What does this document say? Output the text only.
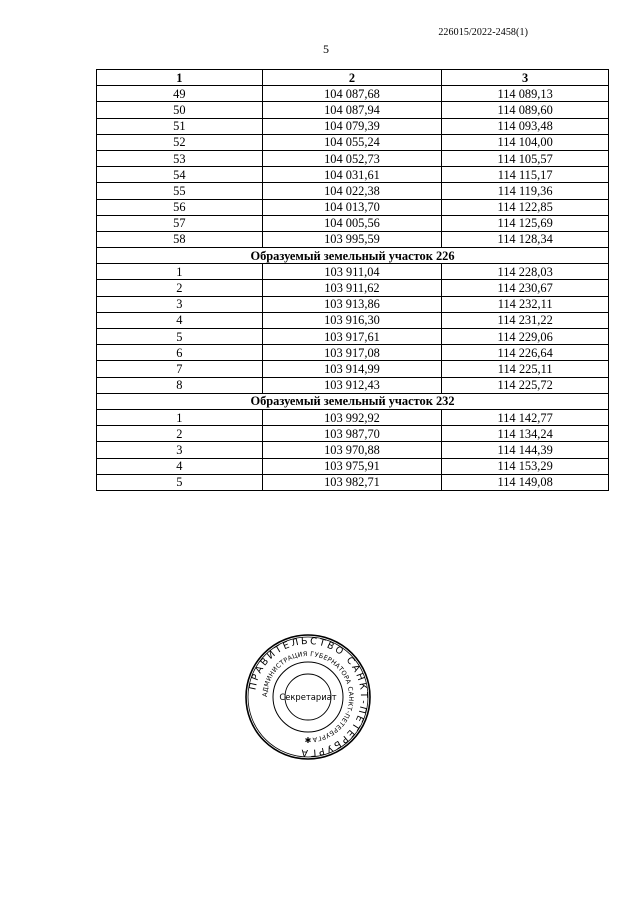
226015/2022-2458(1)
5
1	2	3
49	104 087,68	114 089,13
50	104 087,94	114 089,60
51	104 079,39	114 093,48
52	104 055,24	114 104,00
53	104 052,73	114 105,57
54	104 031,61	114 115,17
55	104 022,38	114 119,36
56	104 013,70	114 122,85
57	104 005,56	114 125,69
58	103 995,59	114 128,34
Образуемый земельный участок 226		
1	103 911,04	114 228,03
2	103 911,62	114 230,67
3	103 913,86	114 232,11
4	103 916,30	114 231,22
5	103 917,61	114 229,06
6	103 917,08	114 226,64
7	103 914,99	114 225,11
8	103 912,43	114 225,72
Образуемый земельный участок 232		
1	103 992,92	114 142,77
2	103 987,70	114 134,24
3	103 970,88	114 144,39
4	103 975,91	114 153,29
5	103 982,71	114 149,08
ПРАВИТЕЛЬСТВО САНКТ-ПЕТЕРБУРГА
АДМИНИСТРАЦИЯ ГУБЕРНАТОРА САНКТ-ПЕТЕРБУРГА
✱
Секретариат
